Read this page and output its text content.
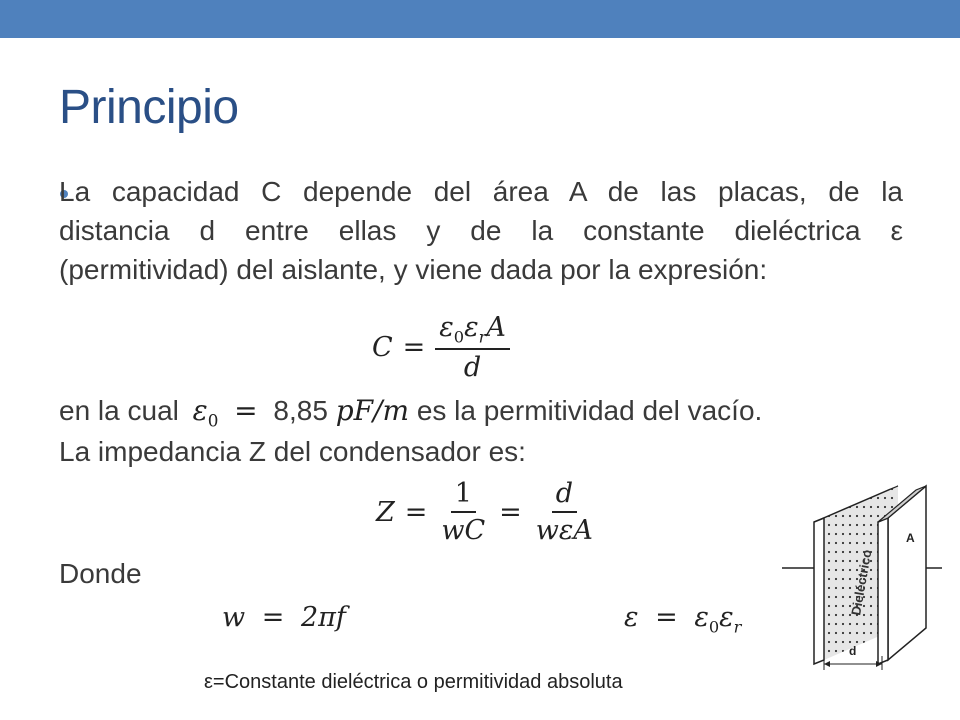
Principio
La capacidad C depende del área A de las placas, de la
distancia d entre ellas y de la constante dieléctrica ε
(permitividad) del aislante, y viene dada por la expresión:
$C = \frac{\varepsilon_0\varepsilon_rA}{d}$
en la cual $\varepsilon_0 = 8,85$ pF/m es la permitividad del vacío.
La impedancia Z del condensador es:
$Z = \frac{1}{wC} = \frac{d}{\text{wεA}}$
Donde
w = 2πf	$\varepsilon = \varepsilon_0\varepsilon_r$
ε=Constante dieléctrica o permitividad absoluta
A
Dieléctrico
d
